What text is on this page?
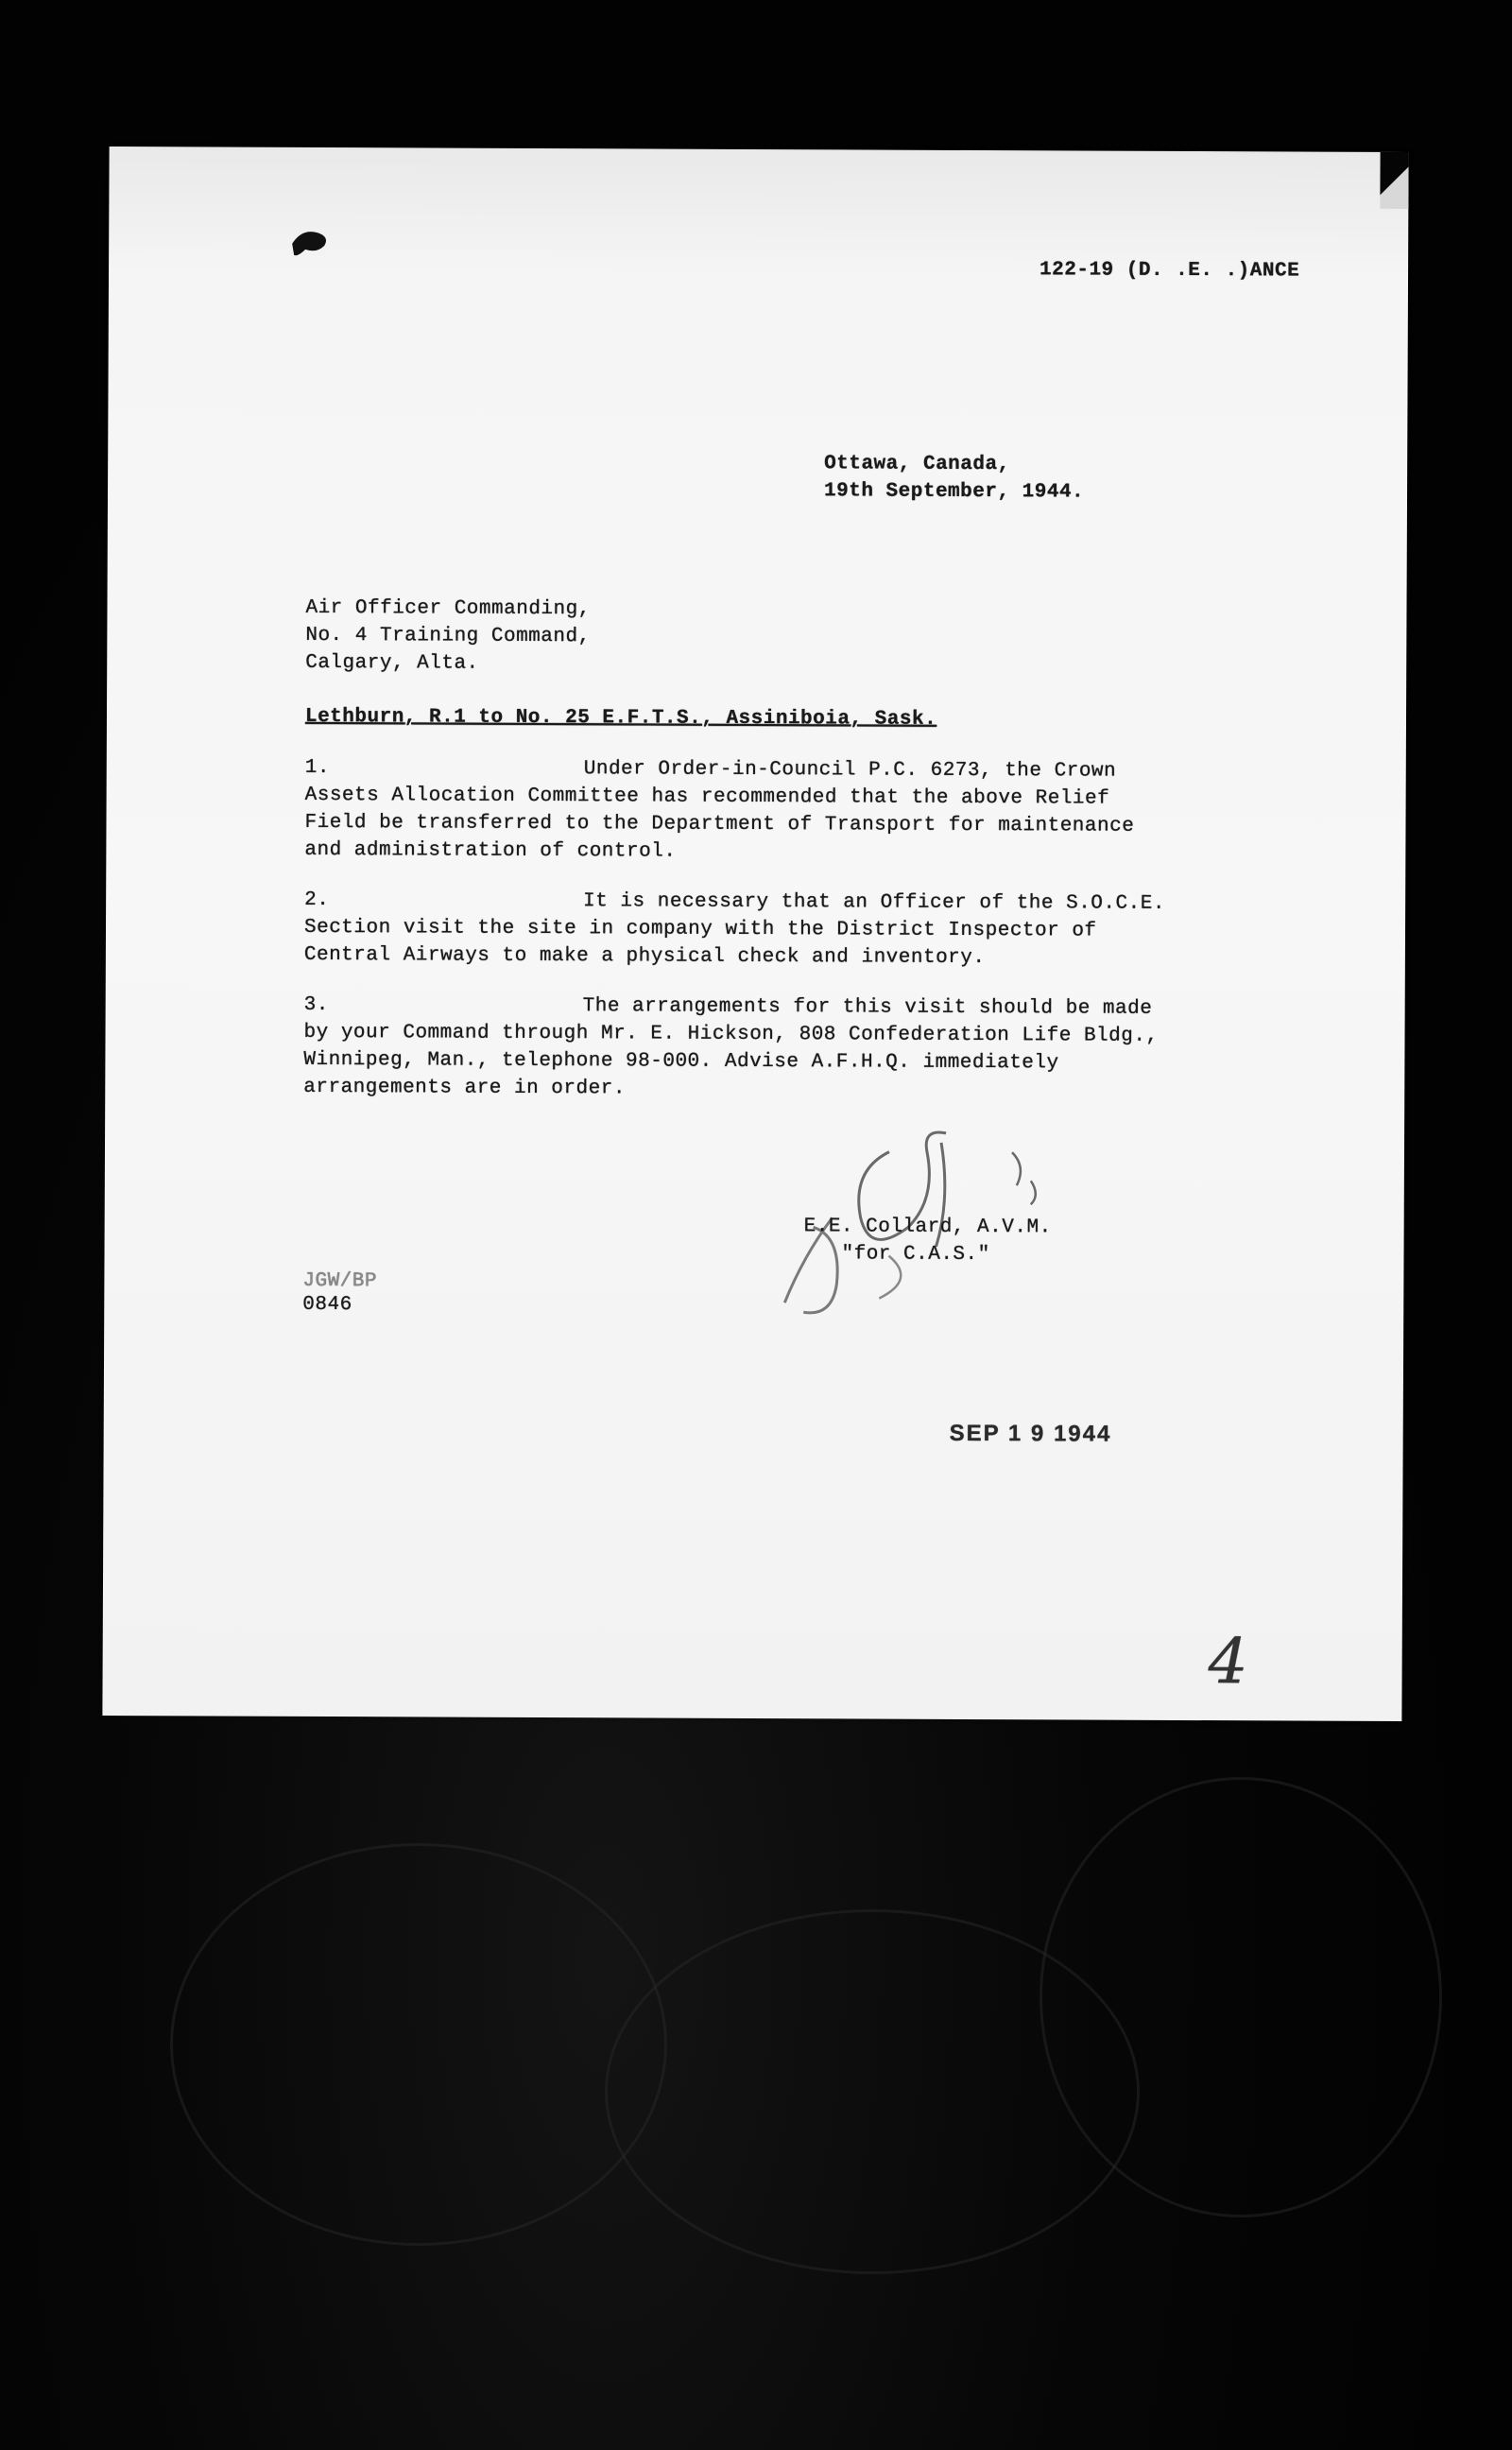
122-19 (D. .E. .)ANCE
Ottawa, Canada,
19th September, 1944.
Air Officer Commanding,
No. 4 Training Command,
Calgary, Alta.
Lethburn, R.1 to No. 25 E.F.T.S., Assiniboia, Sask.
1.	Under Order-in-Council P.C. 6273, the Crown
Assets Allocation Committee has recommended that the above Relief
Field be transferred to the Department of Transport for maintenance
and administration of control.
2.	It is necessary that an Officer of the S.O.C.E.
Section visit the site in company with the District Inspector of
Central Airways to make a physical check and inventory.
3.	The arrangements for this visit should be made
by your Command through Mr. E. Hickson, 808 Confederation Life Bldg.,
Winnipeg, Man., telephone 98-000. Advise A.F.H.Q. immediately
arrangements are in order.
E.E. Collard, A.V.M.
"for C.A.S."
JGW/BP
0846
SEP 1 9 1944
4
